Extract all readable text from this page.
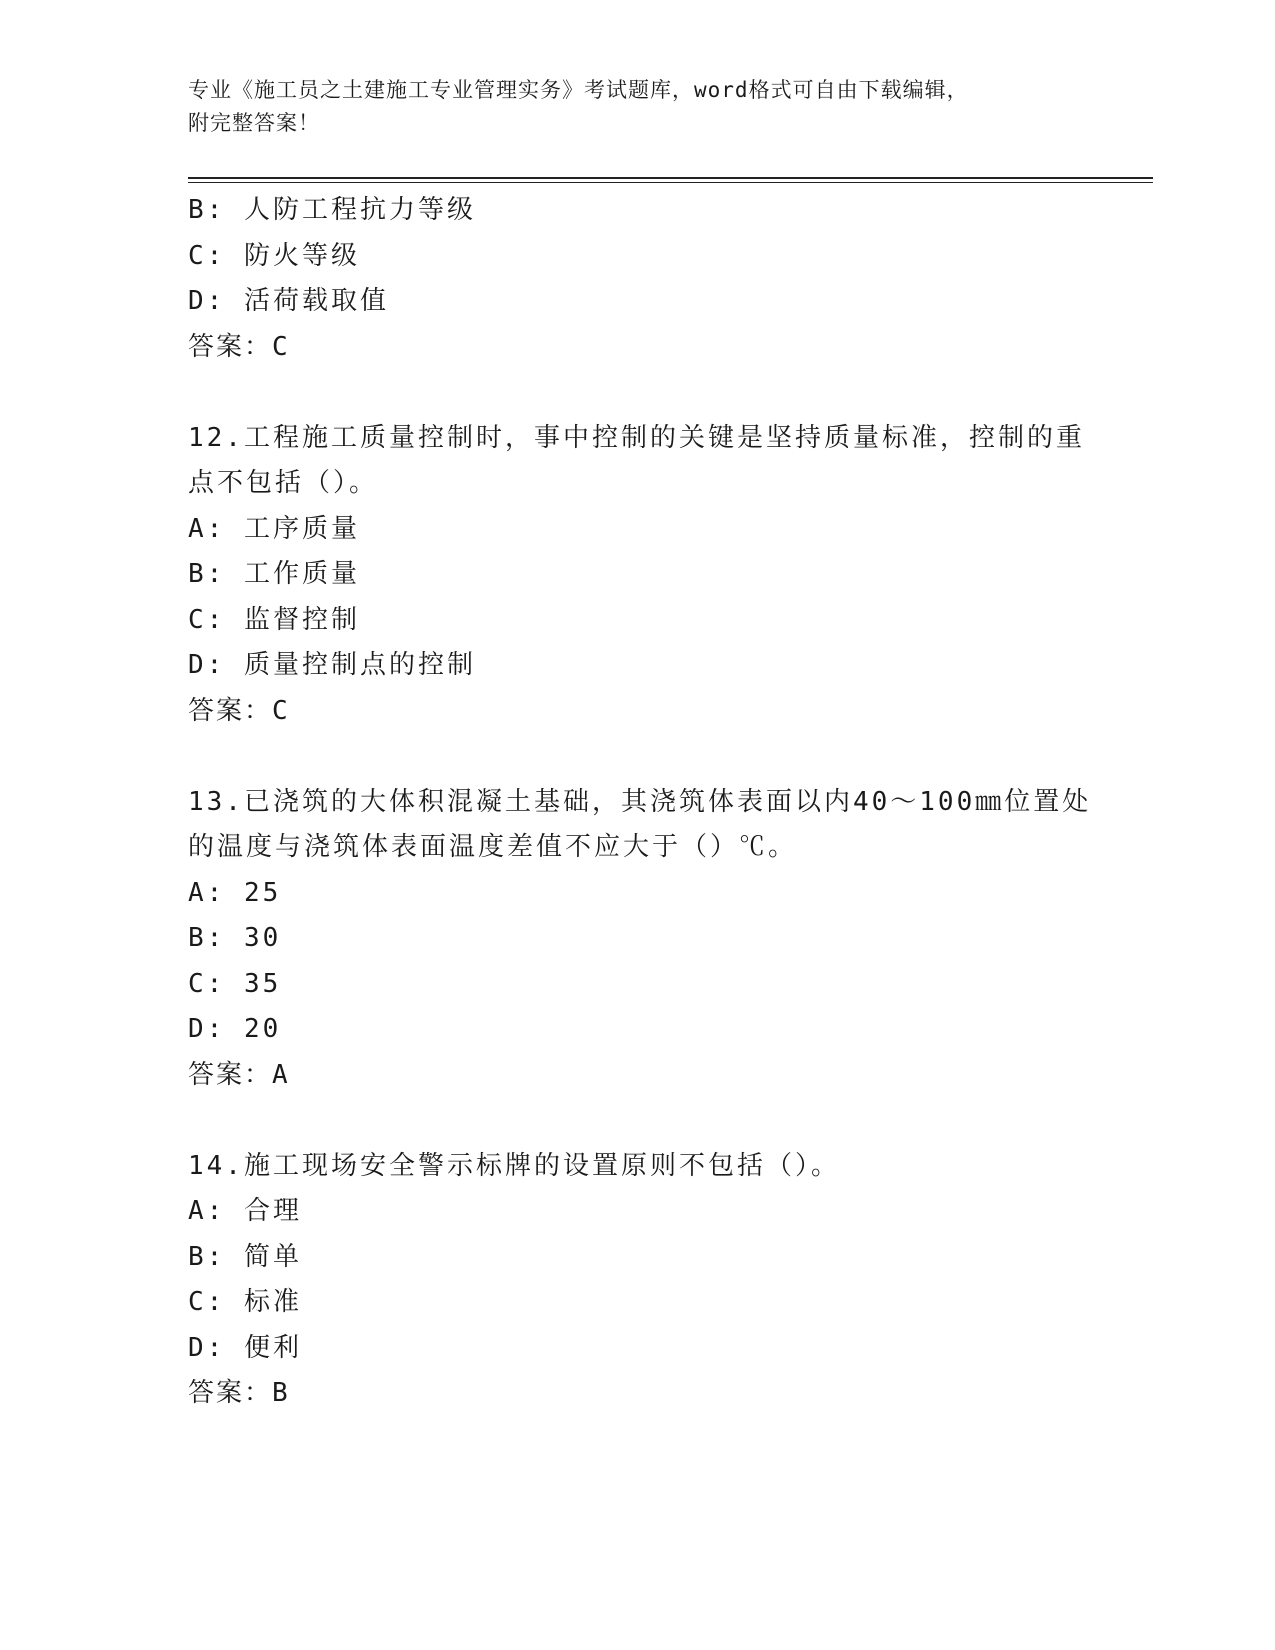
专业《施工员之土建施工专业管理实务》考试题库，word格式可自由下载编辑，
附完整答案！
B: 人防工程抗力等级
C: 防火等级
D: 活荷载取值
答案：C
12.工程施工质量控制时，事中控制的关键是坚持质量标准，控制的重
点不包括（）。
A: 工序质量
B: 工作质量
C: 监督控制
D: 质量控制点的控制
答案：C
13.已浇筑的大体积混凝土基础，其浇筑体表面以内40～100㎜位置处
的温度与浇筑体表面温度差值不应大于（）℃。
A: 25
B: 30
C: 35
D: 20
答案：A
14.施工现场安全警示标牌的设置原则不包括（）。
A: 合理
B: 简单
C: 标准
D: 便利
答案：B
